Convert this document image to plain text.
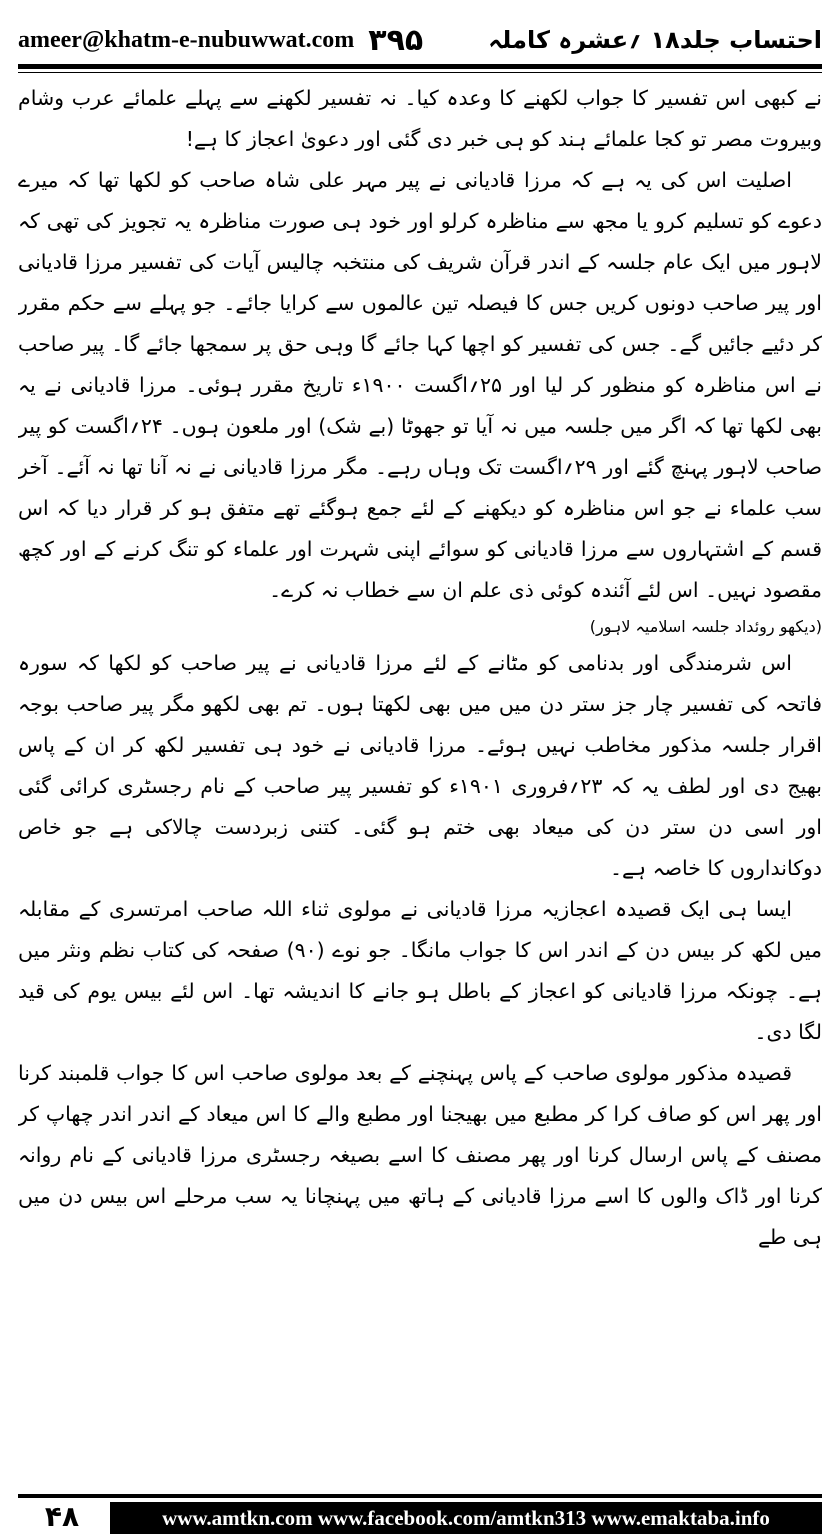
ameer@khatm-e-nubuwwat.com ۳۹۵	احتساب جلد۱۸ ؍عشرہ کاملہ

نے کبھی اس تفسیر کا جواب لکھنے کا وعدہ کیا۔ نہ تفسیر لکھنے سے پہلے علمائے عرب وشام وبیروت مصر تو کجا علمائے ہند کو ہی خبر دی گئی اور دعویٰ اعجاز کا ہے!

اصلیت اس کی یہ ہے کہ مرزا قادیانی نے پیر مہر علی شاہ صاحب کو لکھا تھا کہ میرے دعوے کو تسلیم کرو یا مجھ سے مناظرہ کرلو اور خود ہی صورت مناظرہ یہ تجویز کی تھی کہ لاہور میں ایک عام جلسہ کے اندر قرآن شریف کی منتخبہ چالیس آیات کی تفسیر مرزا قادیانی اور پیر صاحب دونوں کریں جس کا فیصلہ تین عالموں سے کرایا جائے۔ جو پہلے سے حکم مقرر کر دئیے جائیں گے۔ جس کی تفسیر کو اچھا کہا جائے گا وہی حق پر سمجھا جائے گا۔ پیر صاحب نے اس مناظرہ کو منظور کر لیا اور ۲۵؍اگست ۱۹۰۰ء تاریخ مقرر ہوئی۔ مرزا قادیانی نے یہ بھی لکھا تھا کہ اگر میں جلسہ میں نہ آیا تو جھوٹا (بے شک) اور ملعون ہوں۔ ۲۴؍اگست کو پیر صاحب لاہور پہنچ گئے اور ۲۹؍اگست تک وہاں رہے۔ مگر مرزا قادیانی نے نہ آنا تھا نہ آئے۔ آخر سب علماء نے جو اس مناظرہ کو دیکھنے کے لئے جمع ہوگئے تھے متفق ہو کر قرار دیا کہ اس قسم کے اشتہاروں سے مرزا قادیانی کو سوائے اپنی شہرت اور علماء کو تنگ کرنے کے اور کچھ مقصود نہیں۔ اس لئے آئندہ کوئی ذی علم ان سے خطاب نہ کرے۔

(دیکھو روئداد جلسہ اسلامیہ لاہور)

اس شرمندگی اور بدنامی کو مٹانے کے لئے مرزا قادیانی نے پیر صاحب کو لکھا کہ سورہ فاتحہ کی تفسیر چار جز ستر دن میں میں بھی لکھتا ہوں۔ تم بھی لکھو مگر پیر صاحب بوجہ اقرار جلسہ مذکور مخاطب نہیں ہوئے۔ مرزا قادیانی نے خود ہی تفسیر لکھ کر ان کے پاس بھیج دی اور لطف یہ کہ ۲۳؍فروری ۱۹۰۱ء کو تفسیر پیر صاحب کے نام رجسٹری کرائی گئی اور اسی دن ستر دن کی میعاد بھی ختم ہو گئی۔ کتنی زبردست چالاکی ہے جو خاص دوکانداروں کا خاصہ ہے۔

ایسا ہی ایک قصیدہ اعجازیہ مرزا قادیانی نے مولوی ثناء اللہ صاحب امرتسری کے مقابلہ میں لکھ کر بیس دن کے اندر اس کا جواب مانگا۔ جو نوے (۹۰) صفحہ کی کتاب نظم ونثر میں ہے۔ چونکہ مرزا قادیانی کو اعجاز کے باطل ہو جانے کا اندیشہ تھا۔ اس لئے بیس یوم کی قید لگا دی۔

قصیدہ مذکور مولوی صاحب کے پاس پہنچنے کے بعد مولوی صاحب اس کا جواب قلمبند کرنا اور پھر اس کو صاف کرا کر مطبع میں بھیجنا اور مطبع والے کا اس میعاد کے اندر اندر چھاپ کر مصنف کے پاس ارسال کرنا اور پھر مصنف کا اسے بصیغہ رجسٹری مرزا قادیانی کے نام روانہ کرنا اور ڈاک والوں کا اسے مرزا قادیانی کے ہاتھ میں پہنچانا یہ سب مرحلے اس بیس دن میں ہی طے

۴۸	www.amtkn.com www.facebook.com/amtkn313 www.emaktaba.info
